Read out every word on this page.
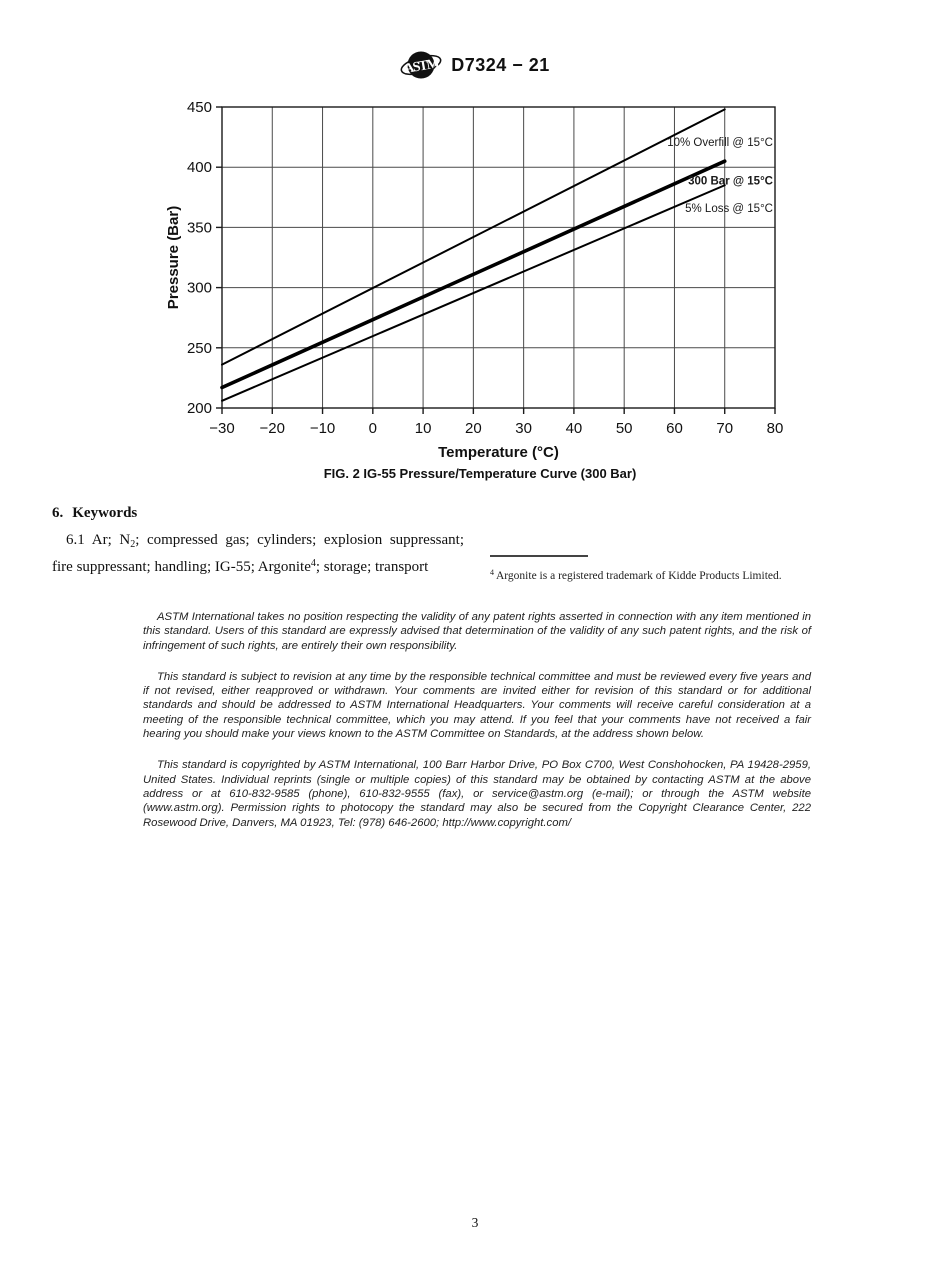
ASTM D7324 − 21
−30 −20 −10 0	10 20 30 40 50 60 70 80
200
250
300
350
400
450
10% Overfill @ 15°C
300 Bar @ 15°C
5% Loss @ 15°C
Temperature (°C)
Pressure (Bar)
FIG. 2 IG-55 Pressure/Temperature Curve (300 Bar)
6. Keywords

6.1 Ar; $N_2$; compressed gas; cylinders; explosion suppressant; fire suppressant; handling; IG-55; Argonite$^4$; storage; transport	$^4$ Argonite is a registered trademark of Kidde Products Limited.

ASTM International takes no position respecting the validity of any patent rights asserted in connection with any item mentioned in this standard. Users of this standard are expressly advised that determination of the validity of any such patent rights, and the risk of infringement of such rights, are entirely their own responsibility.

This standard is subject to revision at any time by the responsible technical committee and must be reviewed every five years and if not revised, either reapproved or withdrawn. Your comments are invited either for revision of this standard or for additional standards and should be addressed to ASTM International Headquarters. Your comments will receive careful consideration at a meeting of the responsible technical committee, which you may attend. If you feel that your comments have not received a fair hearing you should make your views known to the ASTM Committee on Standards, at the address shown below.

This standard is copyrighted by ASTM International, 100 Barr Harbor Drive, PO Box C700, West Conshohocken, PA 19428-2959, United States. Individual reprints (single or multiple copies) of this standard may be obtained by contacting ASTM at the above address or at 610-832-9585 (phone), 610-832-9555 (fax), or service@astm.org (e-mail); or through the ASTM website (www.astm.org). Permission rights to photocopy the standard may also be secured from the Copyright Clearance Center, 222 Rosewood Drive, Danvers, MA 01923, Tel: (978) 646-2600; http://www.copyright.com/

3
